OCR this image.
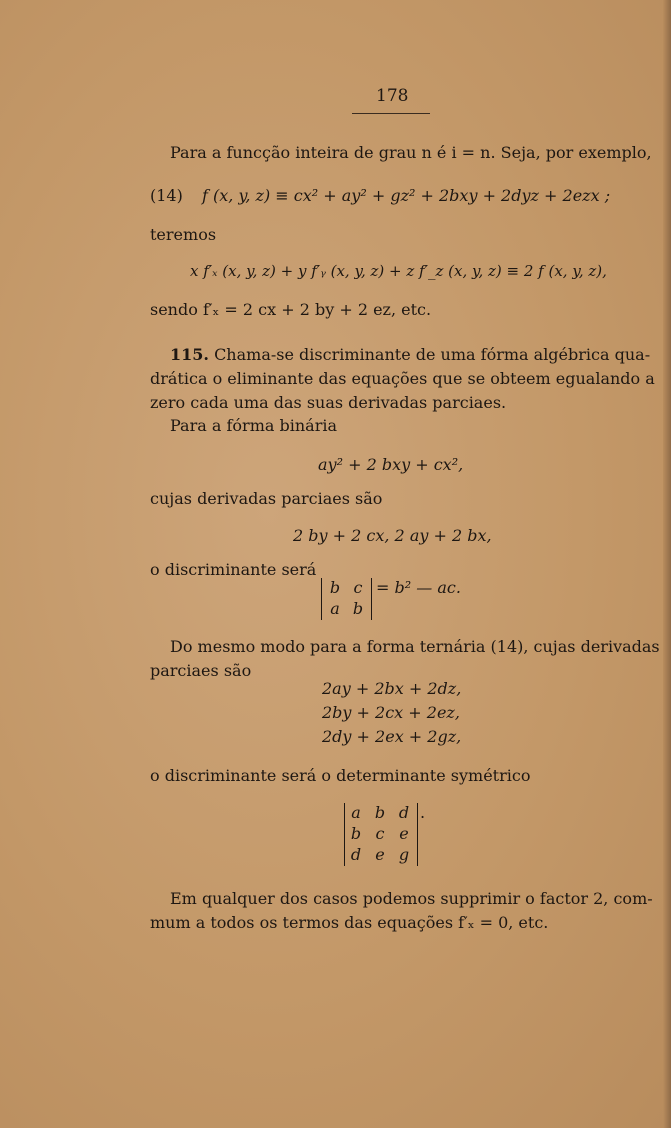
178
Para a funcção inteira de grau n é i = n. Seja, por exemplo,
(14) f (x, y, z) ≡ cx² + ay² + gz² + 2bxy + 2dyz + 2ezx ;
teremos
x f′ₓ (x, y, z) + y f′ᵧ (x, y, z) + z f′_z (x, y, z) ≡ 2 f (x, y, z),
sendo f′ₓ = 2 cx + 2 by + 2 ez, etc.
115. Chama-se discriminante de uma fórma algébrica qua-
drática o eliminante das equações que se obteem egualando a
zero cada uma das suas derivadas parciaes.
Para a fórma binária
ay² + 2 bxy + cx²,
cujas derivadas parciaes são
2 by + 2 cx, 2 ay + 2 bx,
o discriminante será
b c
a b
= b² — ac.
Do mesmo modo para a forma ternária (14), cujas derivadas
parciaes são
2ay + 2bx + 2dz,
2by + 2cx + 2ez,
2dy + 2ex + 2gz,
o discriminante será o determinante symétrico
a b d
b c e
d e g
.
Em qualquer dos casos podemos supprimir o factor 2, com-
mum a todos os termos das equações f′ₓ = 0, etc.
